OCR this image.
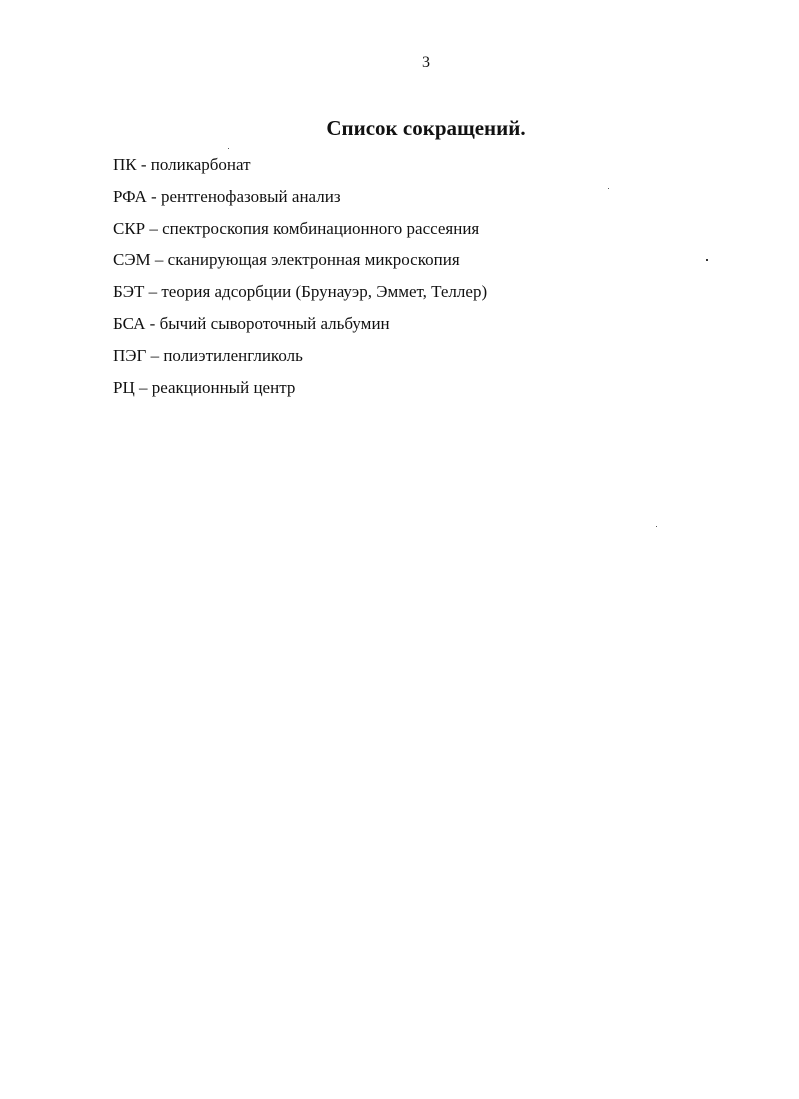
3
Список сокращений.
ПК - поликарбонат
РФА - рентгенофазовый анализ
СКР – спектроскопия комбинационного рассеяния
СЭМ – сканирующая электронная микроскопия
БЭТ – теория адсорбции (Брунауэр, Эммет, Теллер)
БСА - бычий сывороточный альбумин
ПЭГ – полиэтиленгликоль
РЦ – реакционный центр
